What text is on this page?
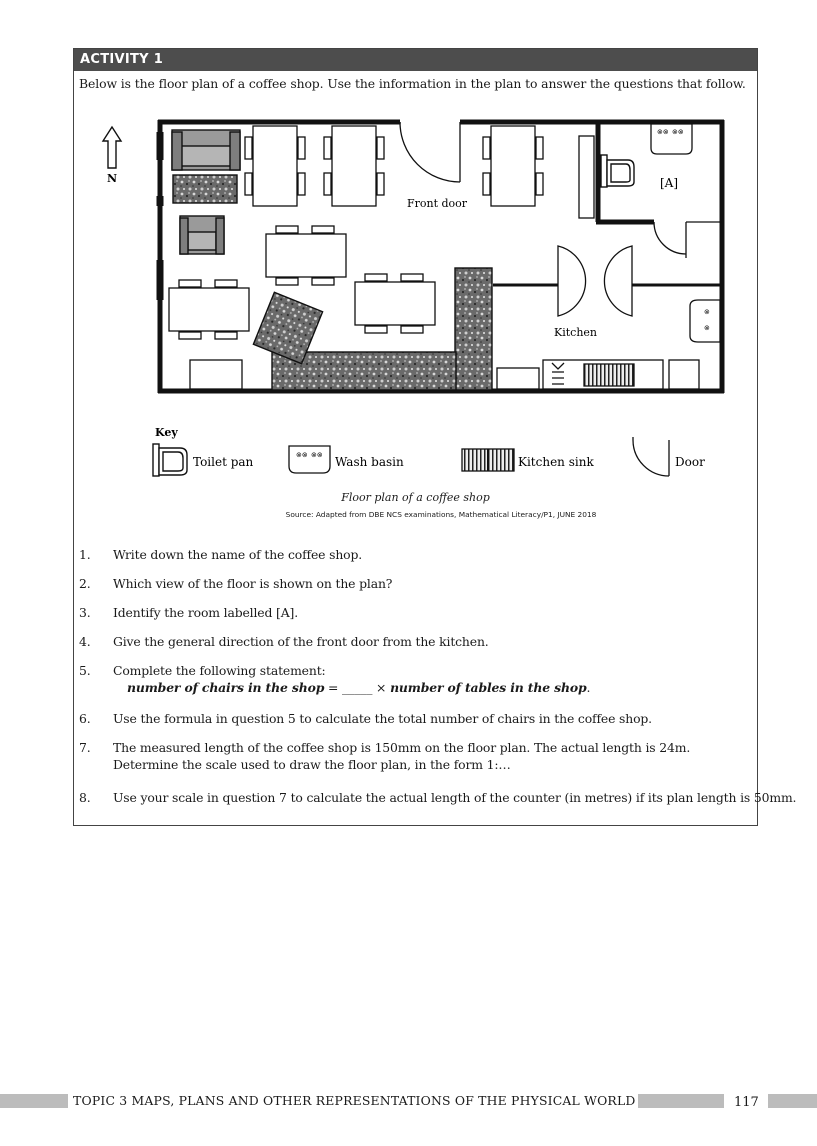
ACTIVITY 1
Below is the floor plan of a coffee shop. Use the information in the plan to answer the questions that follow.
N
Front door
[A]
⊗⊗ ⊗⊗
Kitchen
⊗
⊗
Key
Toilet pan	⊗⊗ ⊗⊗ Wash basin	Kitchen sink	Door
Floor plan of a coffee shop
Source: Adapted from DBE NCS examinations, Mathematical Literacy/P1, JUNE 2018
1.	Write down the name of the coffee shop.
2.	Which view of the floor is shown on the plan?
3.	Identify the room labelled [A].
4.	Give the general direction of the front door from the kitchen.
5.	Complete the following statement:
number of chairs in the shop = _____ × number of tables in the shop.
6.	Use the formula in question 5 to calculate the total number of chairs in the coffee shop.
7.	The measured length of the coffee shop is 150mm on the floor plan. The actual length is 24m.
Determine the scale used to draw the floor plan, in the form 1:…
8.	Use your scale in question 7 to calculate the actual length of the counter (in metres) if its plan length is 50mm.
TOPIC 3 MAPS, PLANS AND OTHER REPRESENTATIONS OF THE PHYSICAL WORLD	117
